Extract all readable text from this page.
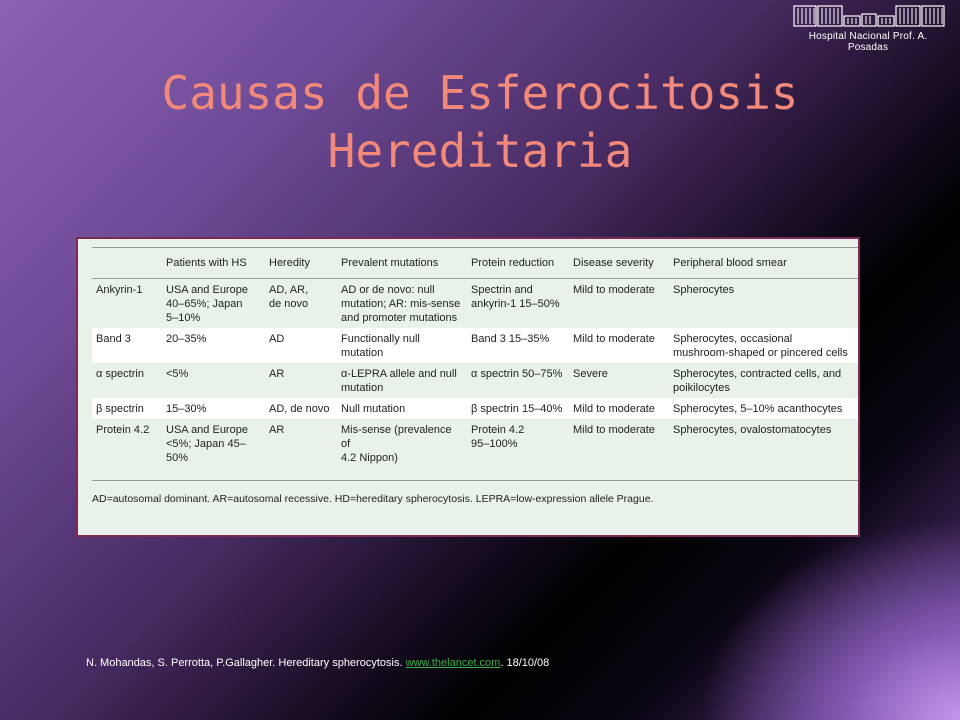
Hospital Nacional Prof. A. Posadas
Causas de Esferocitosis
Hereditaria
	Patients with HS	Heredity	Prevalent mutations	Protein reduction	Disease severity	Peripheral blood smear
Ankyrin-1	USA and Europe
40–65%; Japan
5–10%	AD, AR,
de novo	AD or de novo: null
mutation; AR: mis-sense
and promoter mutations	Spectrin and
ankyrin-1 15–50%	Mild to moderate	Spherocytes

Band 3	20–35%	AD	Functionally null
mutation	Band 3 15–35%	Mild to moderate	Spherocytes, occasional
mushroom-shaped or pincered cells

α spectrin	<5%	AR	α-LEPRA allele and null
mutation	α spectrin 50–75%	Severe	Spherocytes, contracted cells, and
poikilocytes

β spectrin	15–30%	AD, de novo	Null mutation	β spectrin 15–40%	Mild to moderate	Spherocytes, 5–10% acanthocytes

Protein 4.2	USA and Europe
<5%; Japan 45–50%	AR	Mis-sense (prevalence of
4.2 Nippon)	Protein 4.2
95–100%	Mild to moderate	Spherocytes, ovalostomatocytes
AD=autosomal dominant. AR=autosomal recessive. HD=hereditary spherocytosis. LEPRA=low-expression allele Prague.
N. Mohandas, S. Perrotta, P.Gallagher. Hereditary spherocytosis. www.thelancet.com. 18/10/08
